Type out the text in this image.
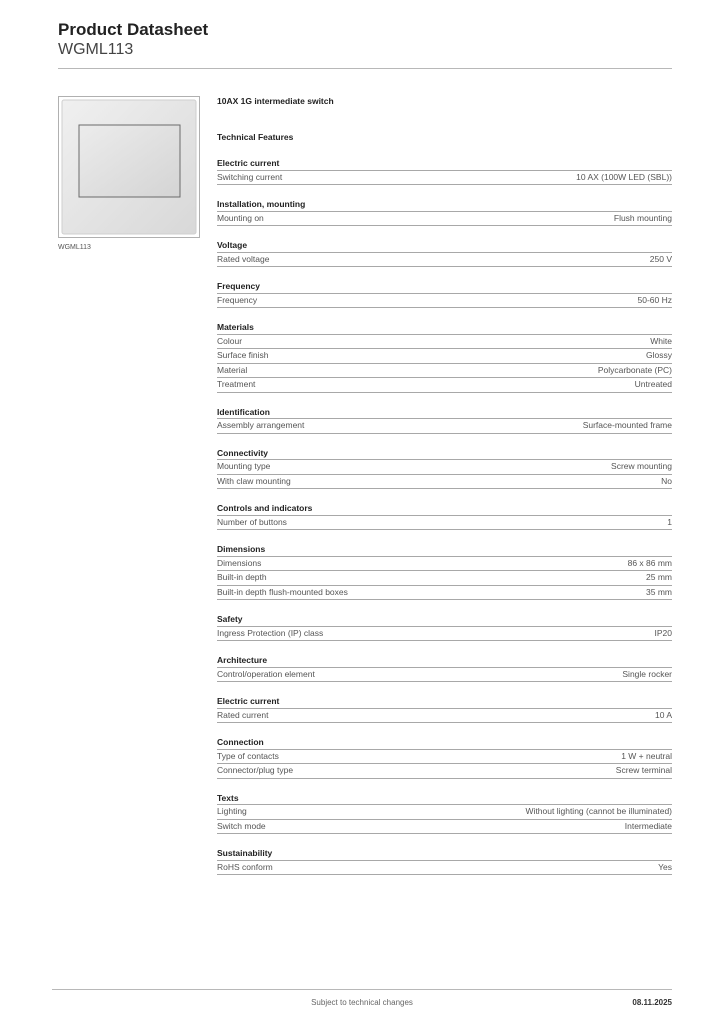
Product Datasheet
WGML113
WGML113
10AX 1G intermediate switch
Technical Features
Electric current
Switching current	10 AX (100W LED (SBL))
Installation, mounting
Mounting on	Flush mounting
Voltage
Rated voltage	250 V
Frequency
Frequency	50-60 Hz
Materials
Colour	White
Surface finish	Glossy
Material	Polycarbonate (PC)
Treatment	Untreated
Identification
Assembly arrangement	Surface-mounted frame
Connectivity
Mounting type	Screw mounting
With claw mounting	No
Controls and indicators
Number of buttons	1
Dimensions
Dimensions	86 x 86 mm
Built-in depth	25 mm
Built-in depth flush-mounted boxes	35 mm
Safety
Ingress Protection (IP) class	IP20
Architecture
Control/operation element	Single rocker
Electric current
Rated current	10 A
Connection
Type of contacts	1 W + neutral
Connector/plug type	Screw terminal
Texts
Lighting	Without lighting (cannot be illuminated)
Switch mode	Intermediate
Sustainability
RoHS conform	Yes
Subject to technical changes	08.11.2025
